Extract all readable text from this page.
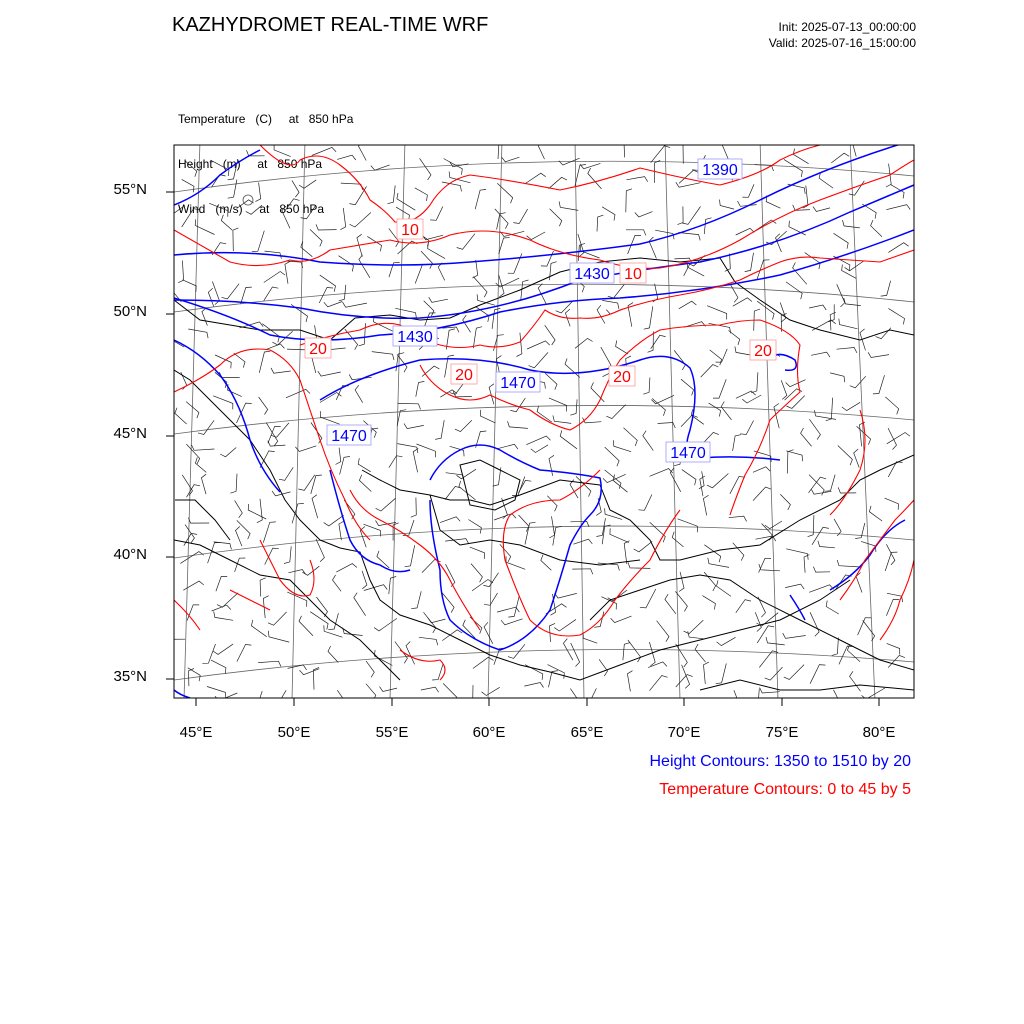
KAZHYDROMET REAL-TIME WRF	Init: 2025-07-13_00:00:00
Valid: 2025-07-16_15:00:00

Temperature   (C)     at   850 hPa

Height   (m)     at   850 hPa

Wind   (m/s)     at   850 hPa

1390
1430
1430
1470
1470
1470
10
10
20
20	20
20
55°N
50°N
45°N
40°N
35°N
45°E	50°E	55°E	60°E	65°E	70°E	75°E	80°E
Height Contours: 1350 to 1510 by 20
Temperature Contours: 0 to 45 by 5
